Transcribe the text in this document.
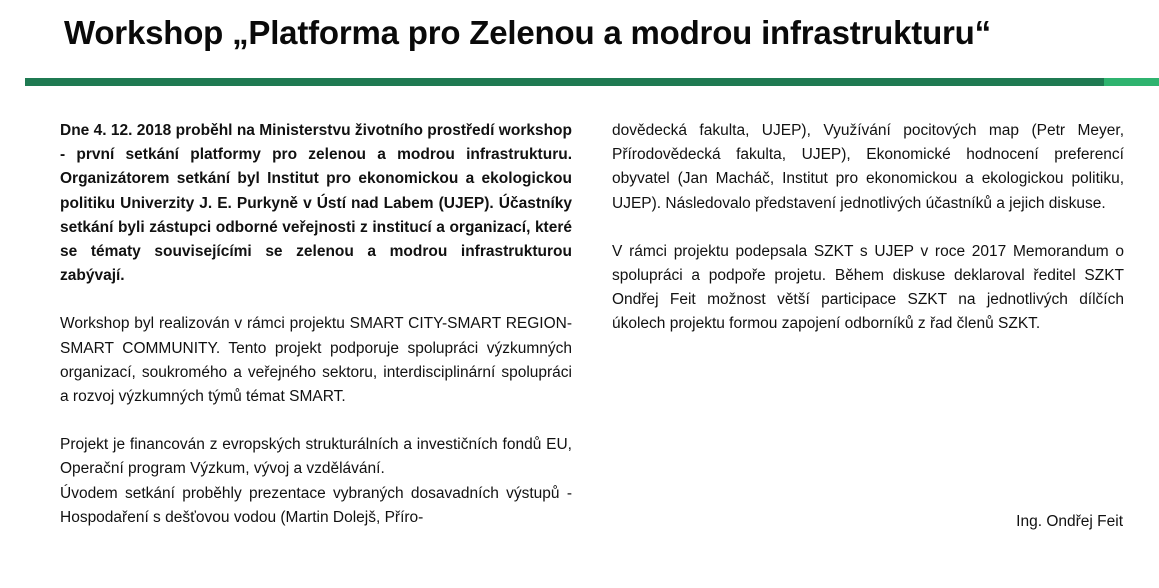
Workshop „Platforma pro Zelenou a modrou infrastrukturu“

Dne 4. 12. 2018 proběhl na Ministerstvu životního prostředí workshop - první setkání platformy pro zelenou a modrou infrastrukturu. Organizátorem setkání byl Institut pro ekonomickou a ekologickou politiku Univerzity J. E. Purkyně v Ústí nad Labem (UJEP). Účastníky setkání byli zástupci odborné veřejnosti z institucí a organizací, které se tématy souvisejícími se zelenou a modrou infrastrukturou zabývají.

Workshop byl realizován v rámci projektu SMART CITY-SMART REGION-SMART COMMUNITY. Tento projekt podporuje spolupráci výzkumných organizací, soukromého a veřejného sektoru, interdisciplinární spolupráci a rozvoj výzkumných týmů témat SMART.

Projekt je financován z evropských strukturálních a investičních fondů EU, Operační program Výzkum, vývoj a vzdělávání.

Úvodem setkání proběhly prezentace vybraných dosavadních výstupů - Hospodaření s dešťovou vodou (Martin Dolejš, Příro-

dovědecká fakulta, UJEP), Využívání pocitových map (Petr Meyer, Přírodovědecká fakulta, UJEP), Ekonomické hodnocení preferencí obyvatel (Jan Macháč, Institut pro ekonomickou a ekologickou politiku, UJEP). Následovalo představení jednotlivých účastníků a jejich diskuse.

V rámci projektu podepsala SZKT s UJEP v roce 2017 Memorandum o spolupráci a podpoře projetu. Během diskuse deklaroval ředitel SZKT Ondřej Feit možnost větší participace SZKT na jednotlivých dílčích úkolech projektu formou zapojení odborníků z řad členů SZKT.

Ing. Ondřej Feit
